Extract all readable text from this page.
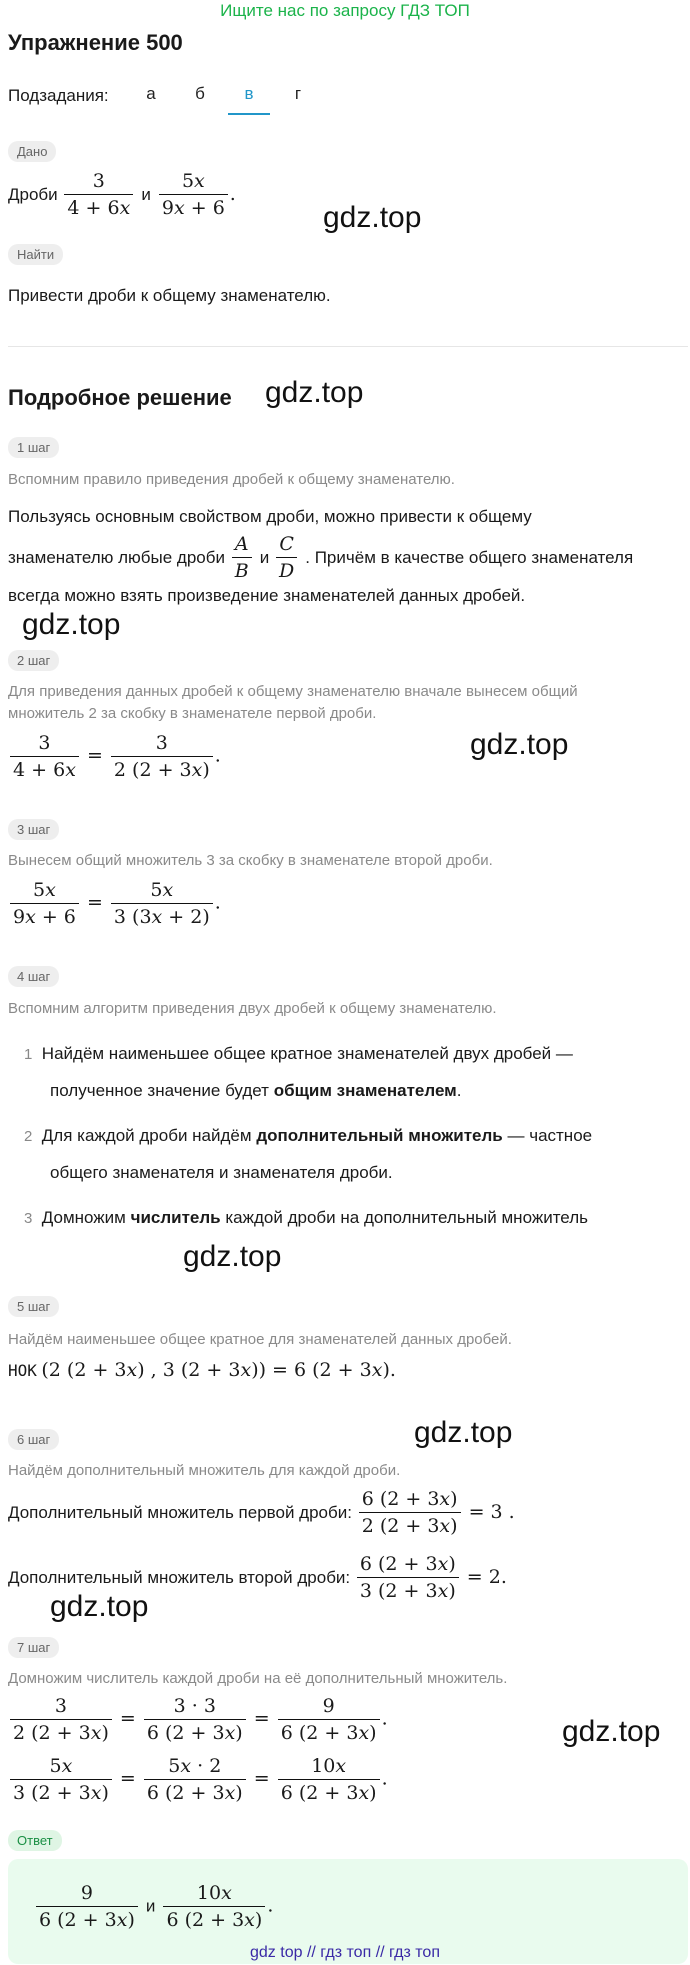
Ищите нас по запросу ГДЗ ТОП
Упражнение 500
Подзадания:	а	б	в	г
Дано
Дроби $\frac{3}{4 + 6x}$ и $\frac{5x}{9x + 6}$ .
gdz.top
Найти
Привести дроби к общему знаменателю.
Подробное решение gdz.top
1 шаг
Вспомним правило приведения дробей к общему знаменателю.
Пользуясь основным свойством дроби, можно привести к общему
знаменателю любые дроби $\frac{A}{B}$ и $\frac{C}{D}$ . Причём в качестве общего знаменателя
всегда можно взять произведение знаменателей данных дробей.
gdz.top
2 шаг
Для приведения данных дробей к общему знаменателю вначале вынесем общий
множитель 2 за скобку в знаменателе первой дроби.
$\frac{3}{4 + 6x} = \frac{3}{2 (2 + 3x)}$ .	gdz.top
3 шаг
Вынесем общий множитель 3 за скобку в знаменателе второй дроби.
$\frac{5x}{9x + 6} = \frac{5x}{3 (3x + 2)}$ .
4 шаг
Вспомним алгоритм приведения двух дробей к общему знаменателю.
1 Найдём наименьшее общее кратное знаменателей двух дробей —
полученное значение будет общим знаменателем.
2 Для каждой дроби найдём дополнительный множитель — частное
общего знаменателя и знаменателя дроби.
3 Домножим числитель каждой дроби на дополнительный множитель
gdz.top
5 шаг
Найдём наименьшее общее кратное для знаменателей данных дробей.
НОК (2 (2 + 3x) , 3 (2 + 3x)) = 6 (2 + 3x).
gdz.top
6 шаг
Найдём дополнительный множитель для каждой дроби.
Дополнительный множитель первой дроби: $\frac{6 (2 + 3x)}{2 (2 + 3x)} = 3$ .
Дополнительный множитель второй дроби: $\frac{6 (2 + 3x)}{3 (2 + 3x)} = 2$.
gdz.top
7 шаг
Домножим числитель каждой дроби на её дополнительный множитель.
$\frac{3}{2 (2 + 3x)} = \frac{3 \cdot 3}{6 (2 + 3x)} = \frac{9}{6 (2 + 3x)}$ .
$\frac{5x}{3 (2 + 3x)} = \frac{5x \cdot 2}{6 (2 + 3x)} = \frac{10x}{6 (2 + 3x)}$ .
gdz.top
Ответ
$\frac{9}{6 (2 + 3x)}$ и $\frac{10x}{6 (2 + 3x)}$ .
gdz top // гдз топ // гдз топ
